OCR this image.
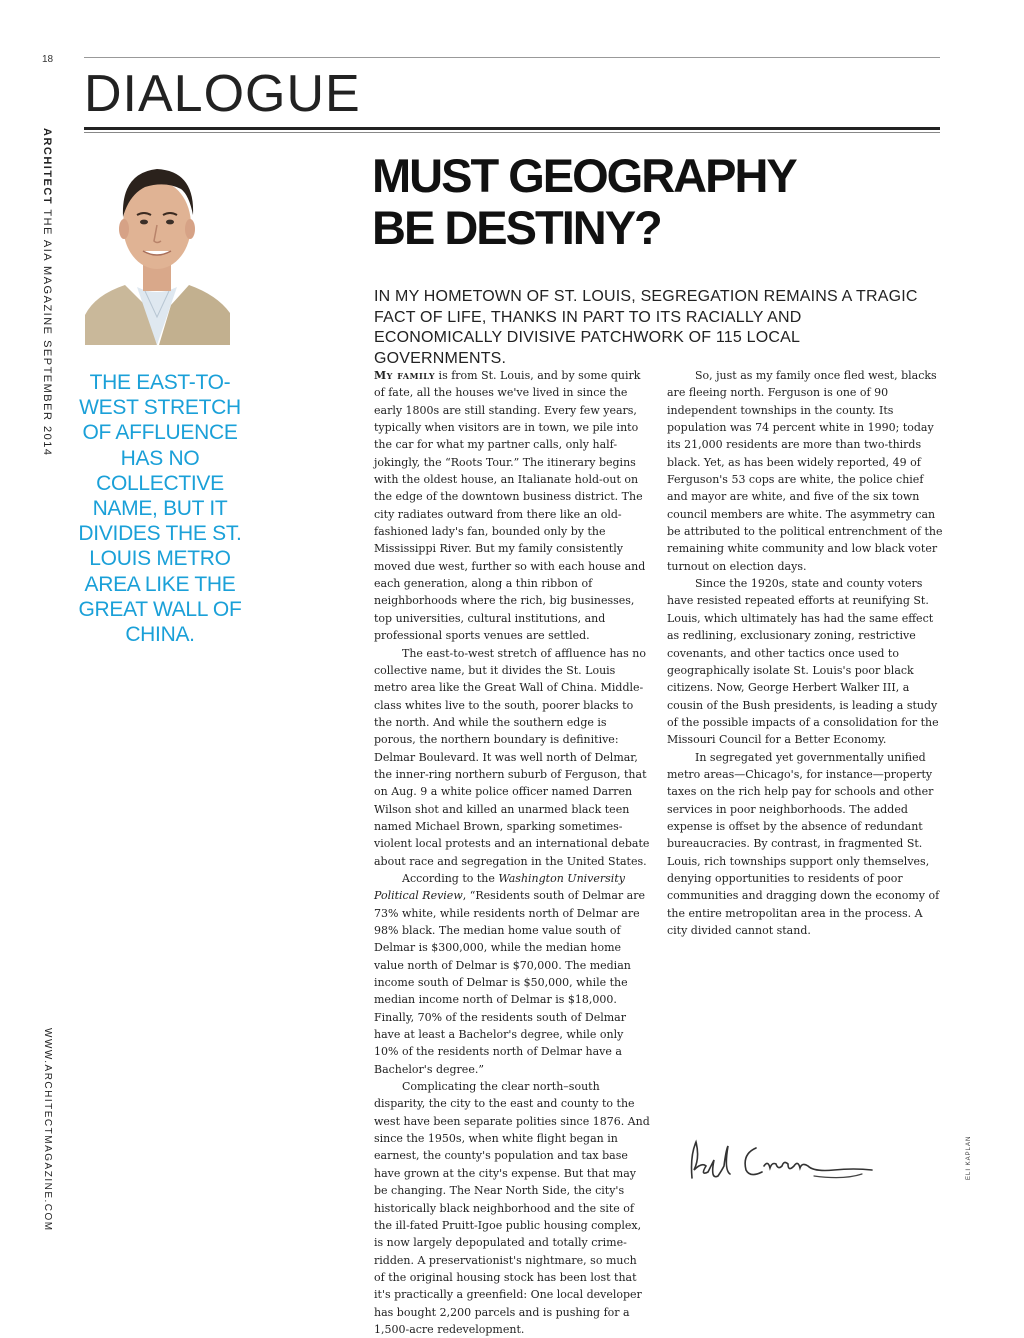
18
DIALOGUE
ARCHITECT THE AIA MAGAZINE SEPTEMBER 2014
WWW.ARCHITECTMAGAZINE.COM	ELI KAPLAN
THE EAST-TO-WEST STRETCH OF AFFLUENCE HAS NO COLLECTIVE NAME, BUT IT DIVIDES THE ST. LOUIS METRO AREA LIKE THE GREAT WALL OF CHINA.
MUST GEOGRAPHY
BE DESTINY?
IN MY HOMETOWN OF ST. LOUIS, SEGREGATION REMAINS A TRAGIC FACT OF LIFE, THANKS IN PART TO ITS RACIALLY AND ECONOMICALLY DIVISIVE PATCHWORK OF 115 LOCAL GOVERNMENTS.

My family is from St. Louis, and by some quirk of fate, all the houses we've lived in since the early 1800s are still standing. Every few years, typically when visitors are in town, we pile into the car for what my partner calls, only half-jokingly, the “Roots Tour.” The itinerary begins with the oldest house, an Italianate hold-out on the edge of the downtown business district. The city radiates outward from there like an old-fashioned lady's fan, bounded only by the Mississippi River. But my family consistently moved due west, further so with each house and each generation, along a thin ribbon of neighborhoods where the rich, big businesses, top universities, cultural institutions, and professional sports venues are settled.

The east-to-west stretch of affluence has no collective name, but it divides the St. Louis metro area like the Great Wall of China. Middle-class whites live to the south, poorer blacks to the north. And while the southern edge is porous, the northern boundary is definitive: Delmar Boulevard. It was well north of Delmar, the inner-ring northern suburb of Ferguson, that on Aug. 9 a white police officer named Darren Wilson shot and killed an unarmed black teen named Michael Brown, sparking sometimes-violent local protests and an international debate about race and segregation in the United States.

According to the Washington University Political Review, “Residents south of Delmar are 73% white, while residents north of Delmar are 98% black. The median home value south of Delmar is $300,000, while the median home value north of Delmar is $70,000. The median income south of Delmar is $50,000, while the median income north of Delmar is $18,000. Finally, 70% of the residents south of Delmar have at least a Bachelor's degree, while only 10% of the residents north of Delmar have a Bachelor's degree.”

Complicating the clear north–south disparity, the city to the east and county to the west have been separate polities since 1876. And since the 1950s, when white flight began in earnest, the county's population and tax base have grown at the city's expense. But that may be changing. The Near North Side, the city's historically black neighborhood and the site of the ill-fated Pruitt-Igoe public housing complex, is now largely depopulated and totally crime-ridden. A preservationist's nightmare, so much of the original housing stock has been lost that it's practically a greenfield: One local developer has bought 2,200 parcels and is pushing for a 1,500-acre redevelopment.

So, just as my family once fled west, blacks are fleeing north. Ferguson is one of 90 independent townships in the county. Its population was 74 percent white in 1990; today its 21,000 residents are more than two-thirds black. Yet, as has been widely reported, 49 of Ferguson's 53 cops are white, the police chief and mayor are white, and five of the six town council members are white. The asymmetry can be attributed to the political entrenchment of the remaining white community and low black voter turnout on election days.

Since the 1920s, state and county voters have resisted repeated efforts at reunifying St. Louis, which ultimately has had the same effect as redlining, exclusionary zoning, restrictive covenants, and other tactics once used to geographically isolate St. Louis's poor black citizens. Now, George Herbert Walker III, a cousin of the Bush presidents, is leading a study of the possible impacts of a consolidation for the Missouri Council for a Better Economy.

In segregated yet governmentally unified metro areas—Chicago's, for instance—property taxes on the rich help pay for schools and other services in poor neighborhoods. The added expense is offset by the absence of redundant bureaucracies. By contrast, in fragmented St. Louis, rich townships support only themselves, denying opportunities to residents of poor communities and dragging down the economy of the entire metropolitan area in the process. A city divided cannot stand.
